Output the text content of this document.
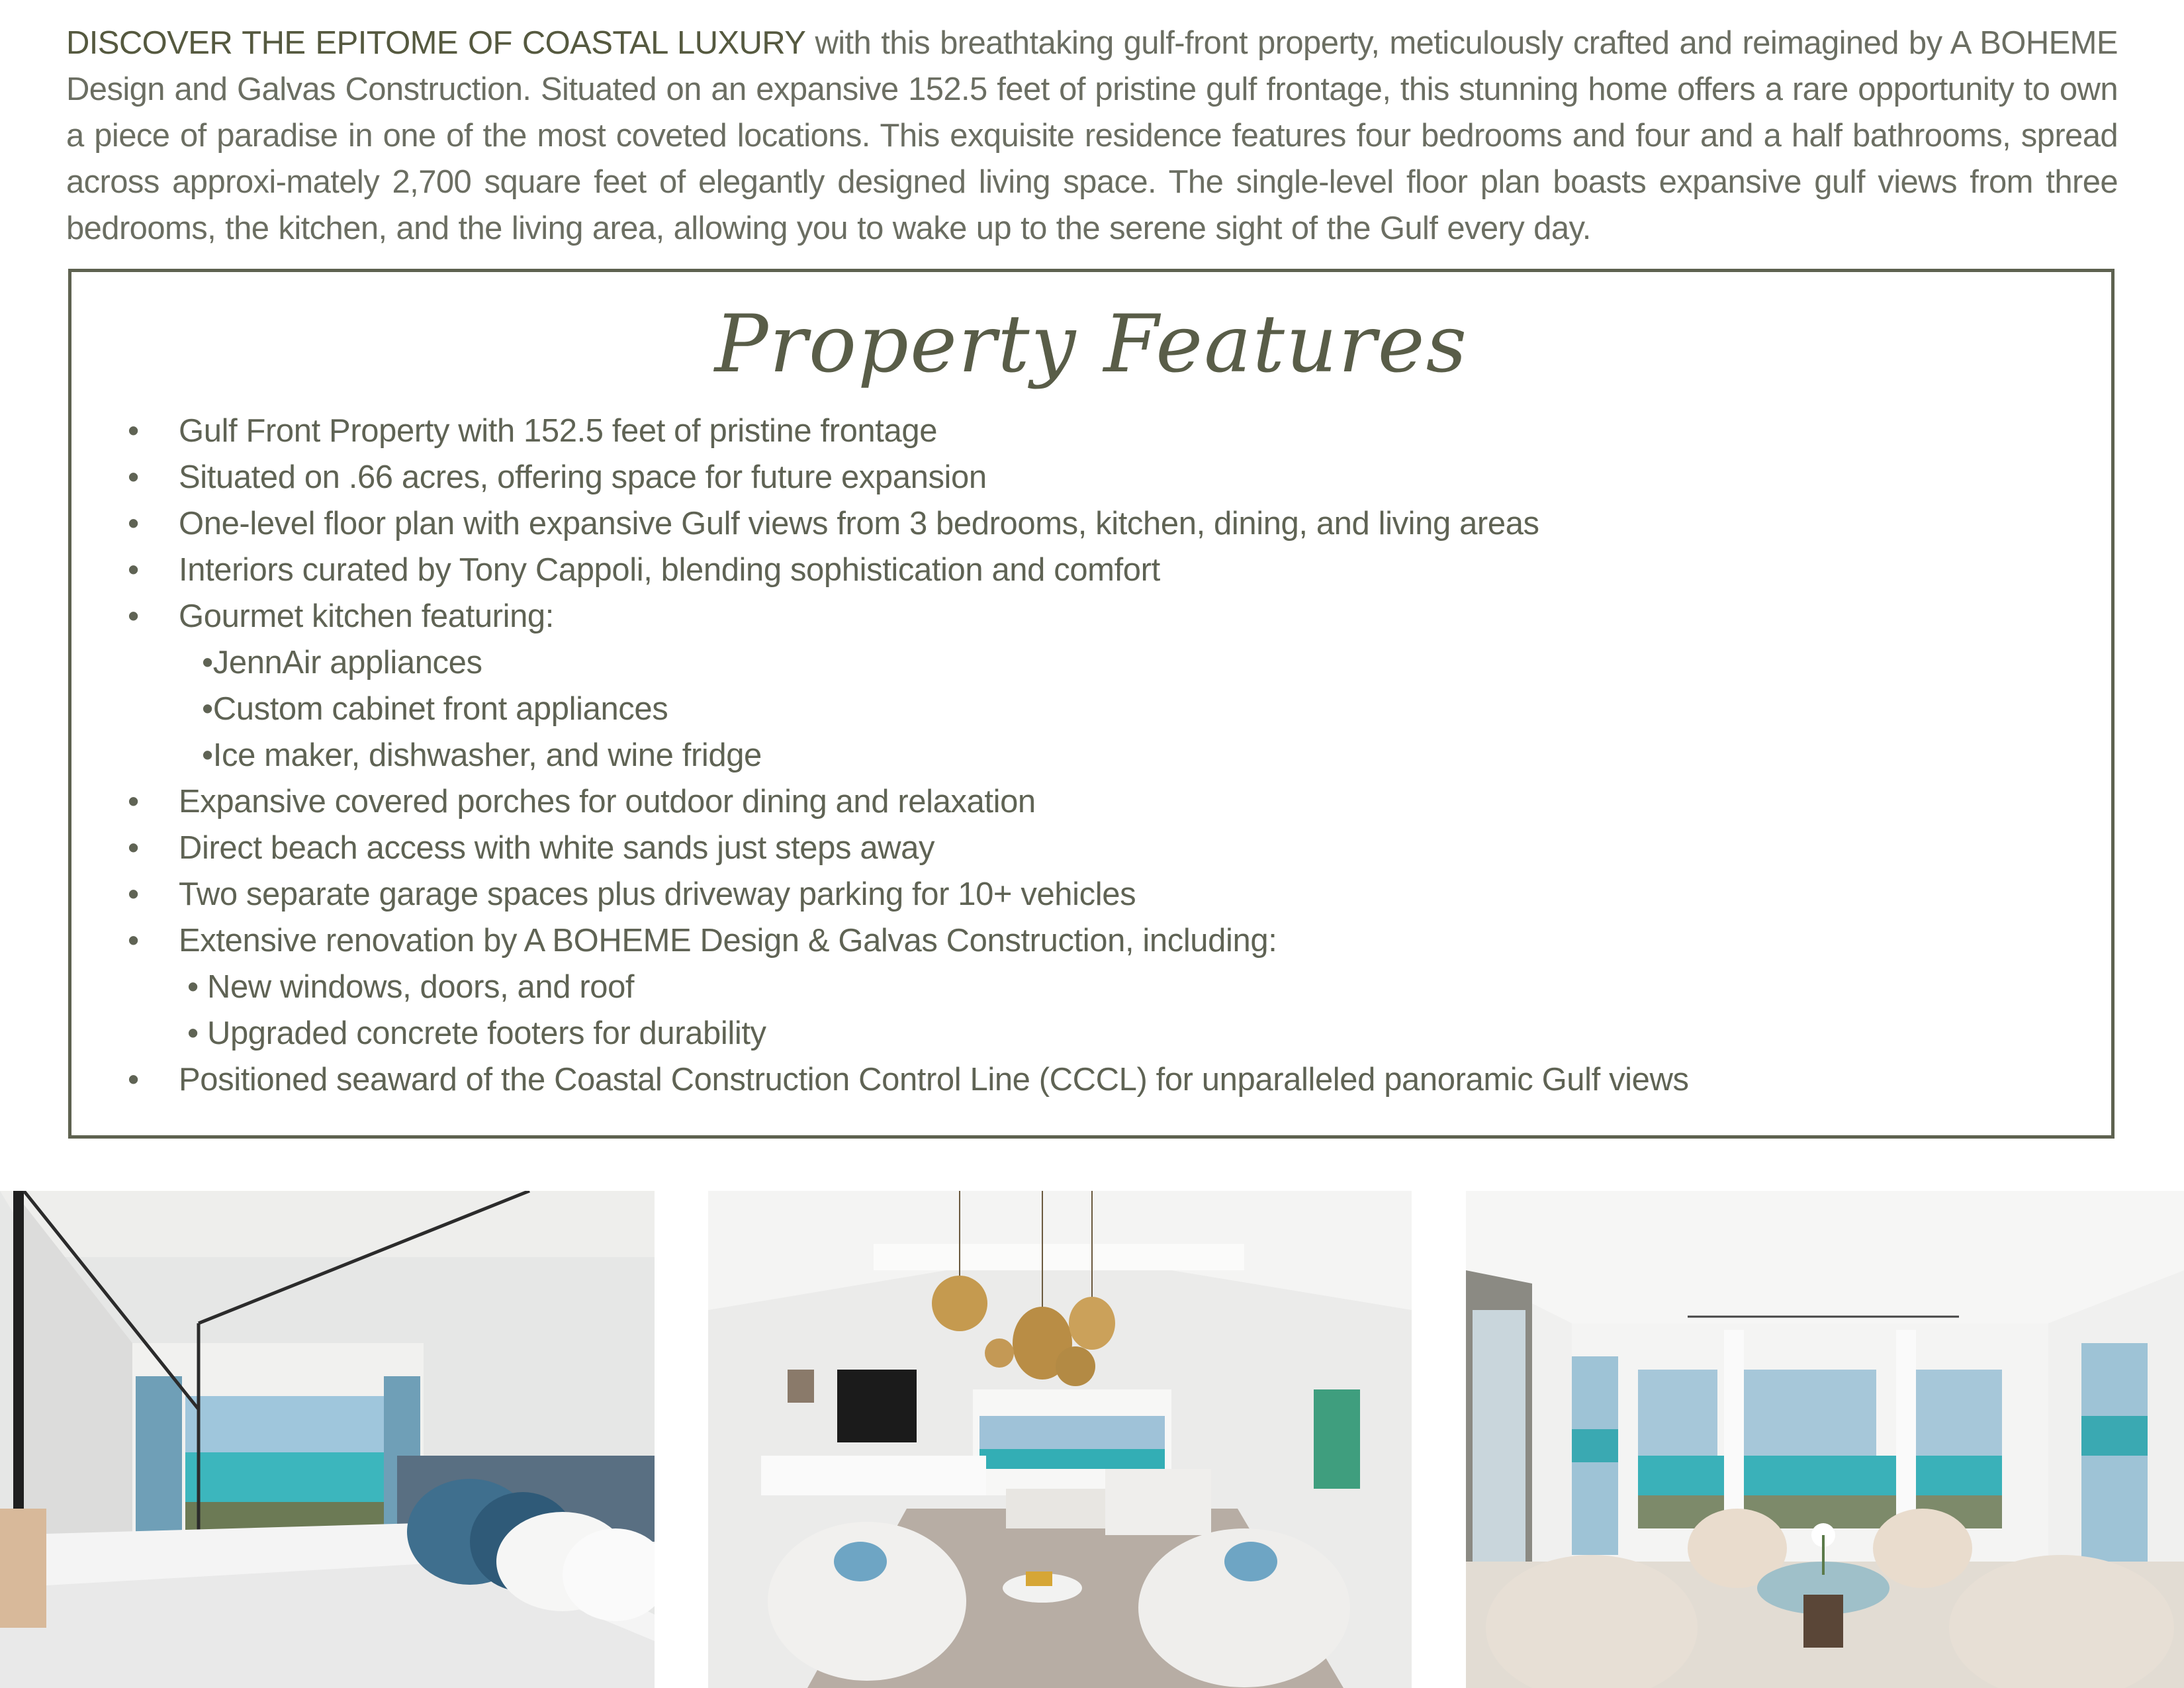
DISCOVER THE EPITOME OF COASTAL LUXURY with this breathtaking gulf-front property, meticulously crafted and reimagined by A BOHEME Design and Galvas Construction. Situated on an expansive 152.5 feet of pristine gulf frontage, this stunning home offers a rare opportunity to own a piece of paradise in one of the most coveted locations. This exquisite residence features four bedrooms and four and a half bathrooms, spread across approxi-mately 2,700 square feet of elegantly designed living space. The single-level floor plan boasts expansive gulf views from three bedrooms, the kitchen, and the living area, allowing you to wake up to the serene sight of the Gulf every day.
Property Features
• Gulf Front Property with 152.5 feet of pristine frontage
• Situated on .66 acres, offering space for future expansion
• One-level floor plan with expansive Gulf views from 3 bedrooms, kitchen, dining, and living areas
• Interiors curated by Tony Cappoli, blending sophistication and comfort
• Gourmet kitchen featuring:
•JennAir appliances
•Custom cabinet front appliances
•Ice maker, dishwasher, and wine fridge
• Expansive covered porches for outdoor dining and relaxation
• Direct beach access with white sands just steps away
• Two separate garage spaces plus driveway parking for 10+ vehicles
• Extensive renovation by A BOHEME Design & Galvas Construction, including:
• New windows, doors, and roof
• Upgraded concrete footers for durability
• Positioned seaward of the Coastal Construction Control Line (CCCL) for unparalleled panoramic Gulf views
